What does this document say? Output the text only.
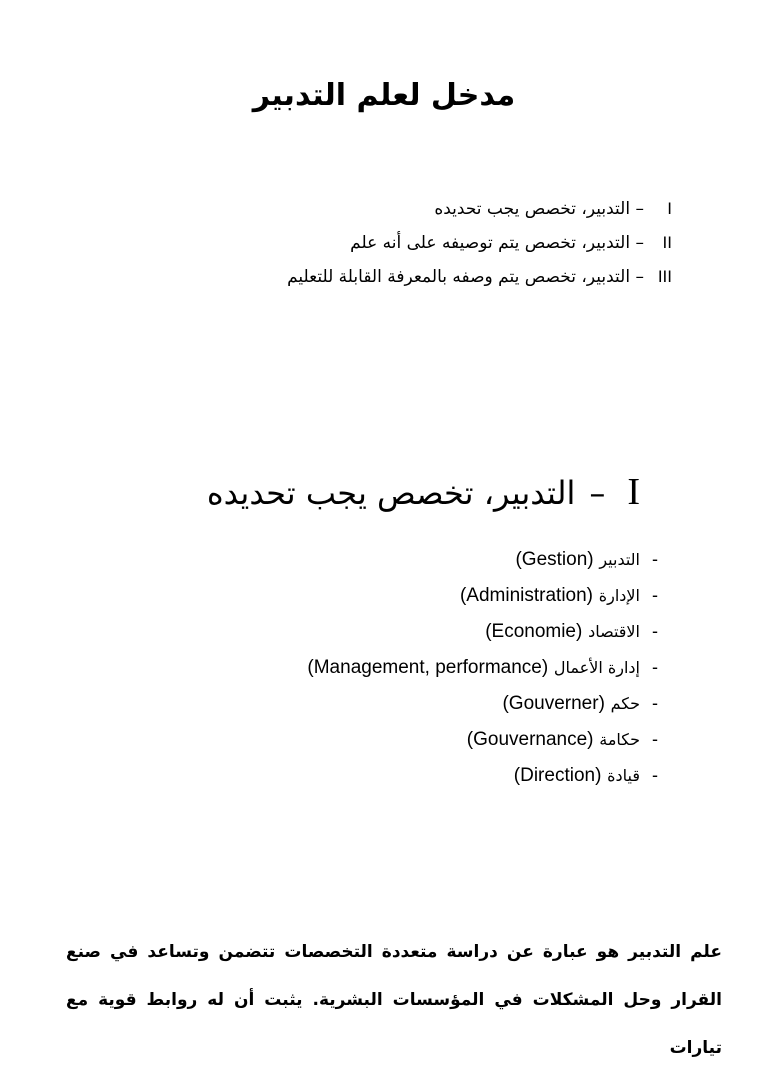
مدخل لعلم التدبير
I– التدبير، تخصص يجب تحديده
II– التدبير، تخصص يتم توصيفه على أنه علم
III– التدبير، تخصص يتم وصفه بالمعرفة القابلة للتعليم
I–التدبير، تخصص يجب تحديده
-التدبير (Gestion)
-الإدارة (Administration)
-الاقتصاد (Economie)
-إدارة الأعمال (Management, performance)
-حكم (Gouverner)
-حكامة (Gouvernance)
-قيادة (Direction)

علم التدبير هو عبارة عن دراسة متعددة التخصصات تتضمن وتساعد في صنع القرار وحل المشكلات في المؤسسات البشرية. يثبت أن له روابط قوية مع تيارات
